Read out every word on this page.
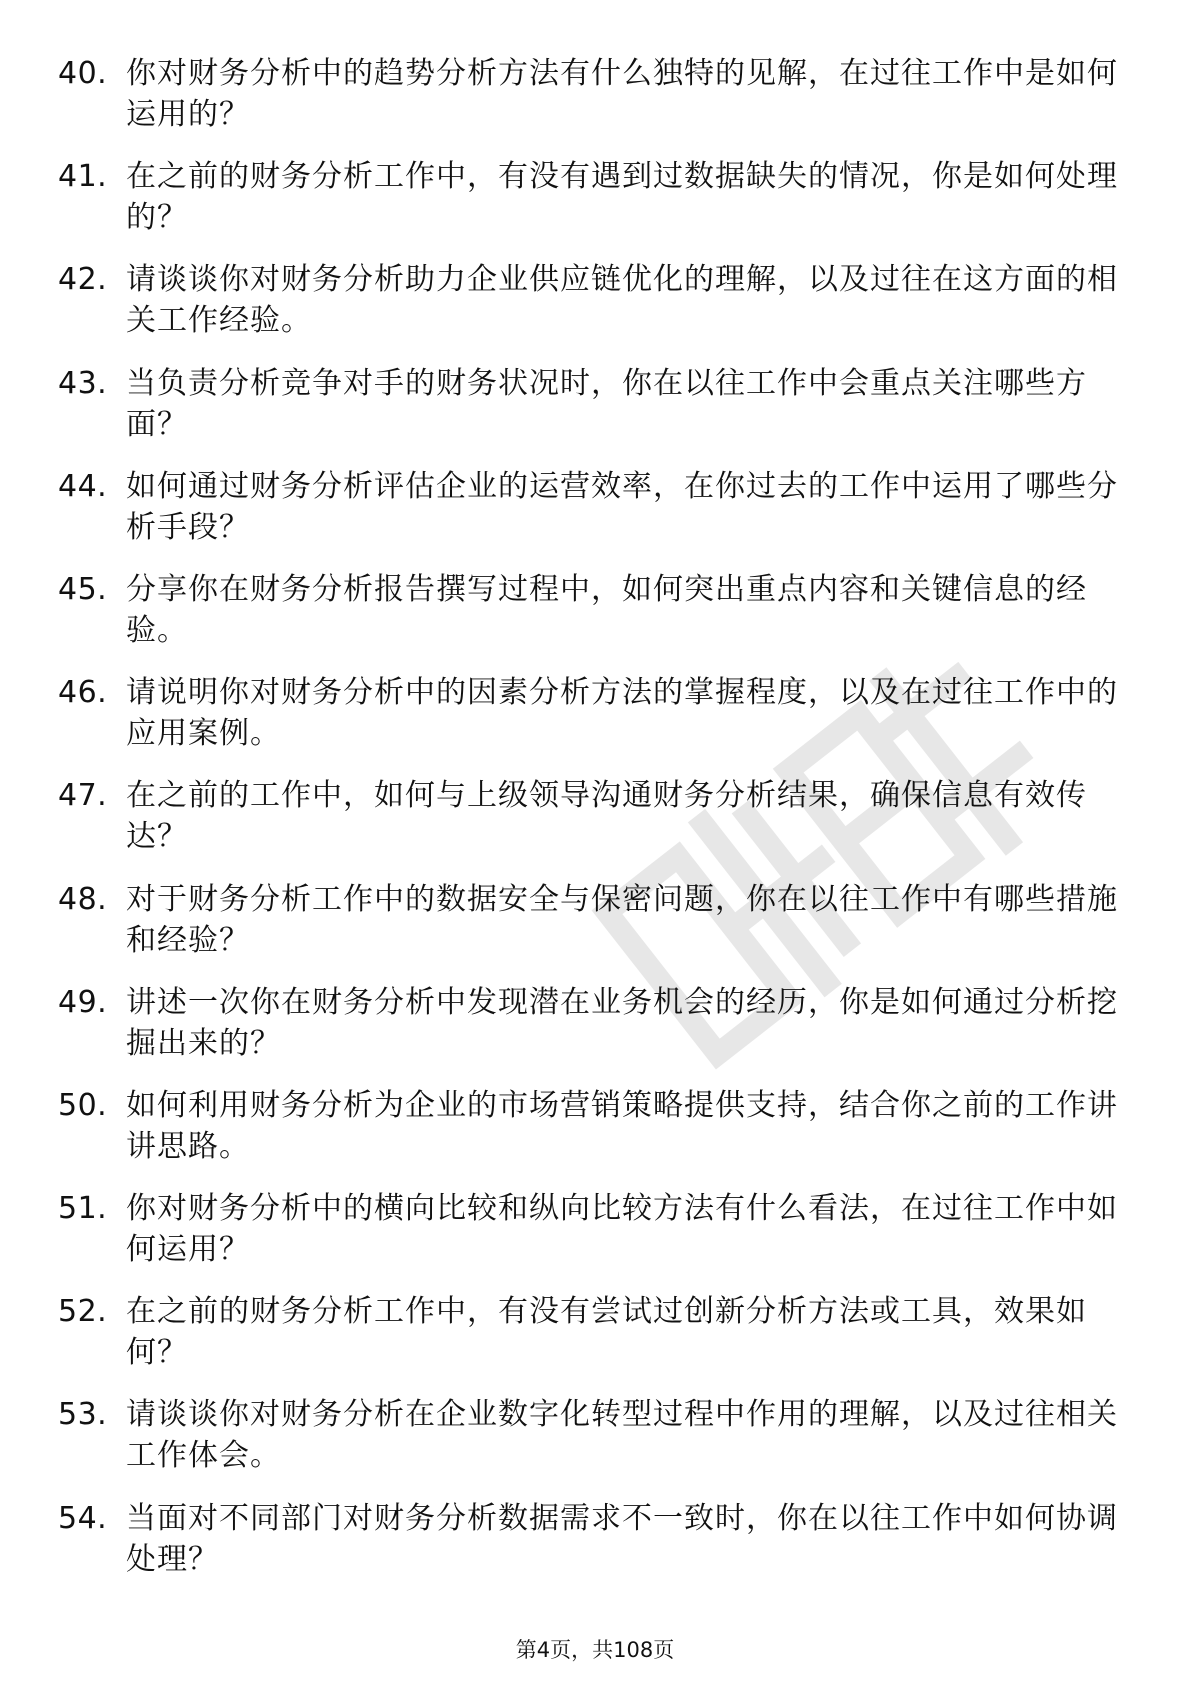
40. 你对财务分析中的趋势分析方法有什么独特的见解，在过往工作中是如何运用的？
41. 在之前的财务分析工作中，有没有遇到过数据缺失的情况，你是如何处理的？
42. 请谈谈你对财务分析助力企业供应链优化的理解，以及过往在这方面的相关工作经验。
43. 当负责分析竞争对手的财务状况时，你在以往工作中会重点关注哪些方面？
44. 如何通过财务分析评估企业的运营效率，在你过去的工作中运用了哪些分析手段？
45. 分享你在财务分析报告撰写过程中，如何突出重点内容和关键信息的经验。
46. 请说明你对财务分析中的因素分析方法的掌握程度，以及在过往工作中的应用案例。
47. 在之前的工作中，如何与上级领导沟通财务分析结果，确保信息有效传达？
48. 对于财务分析工作中的数据安全与保密问题，你在以往工作中有哪些措施和经验？
49. 讲述一次你在财务分析中发现潜在业务机会的经历，你是如何通过分析挖掘出来的？
50. 如何利用财务分析为企业的市场营销策略提供支持，结合你之前的工作讲讲思路。
51. 你对财务分析中的横向比较和纵向比较方法有什么看法，在过往工作中如何运用？
52. 在之前的财务分析工作中，有没有尝试过创新分析方法或工具，效果如何？
53. 请谈谈你对财务分析在企业数字化转型过程中作用的理解，以及过往相关工作体会。
54. 当面对不同部门对财务分析数据需求不一致时，你在以往工作中如何协调处理？
第4页，共108页
